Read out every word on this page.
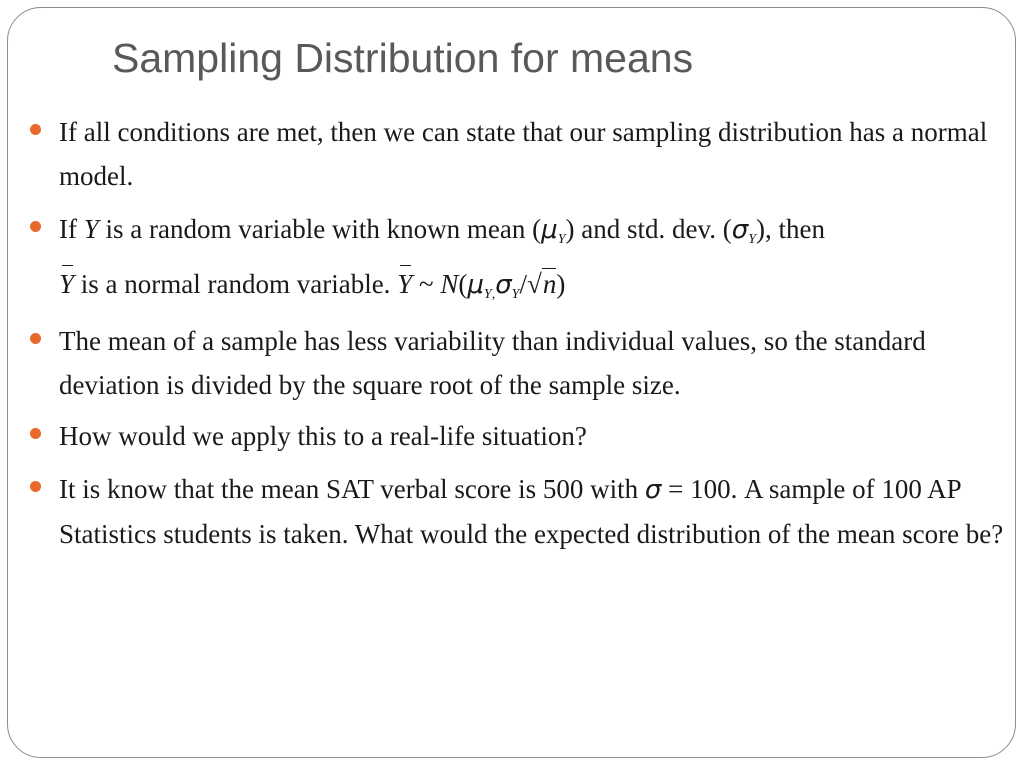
Sampling Distribution for means
If all conditions are met, then we can state that our sampling distribution has a normal model.
If Y is a random variable with known mean $(\mu_Y)$ and std. dev. $(\sigma_Y)$, then
Y is a normal random variable. Y ~ $N(\mu_{Y,}\sigma_Y/√n)$
The mean of a sample has less variability than individual values, so the standard deviation is divided by the square root of the sample size.
How would we apply this to a real-life situation?
It is know that the mean SAT verbal score is 500 with σ = 100. A sample of 100 AP Statistics students is taken. What would the expected distribution of the mean score be?
